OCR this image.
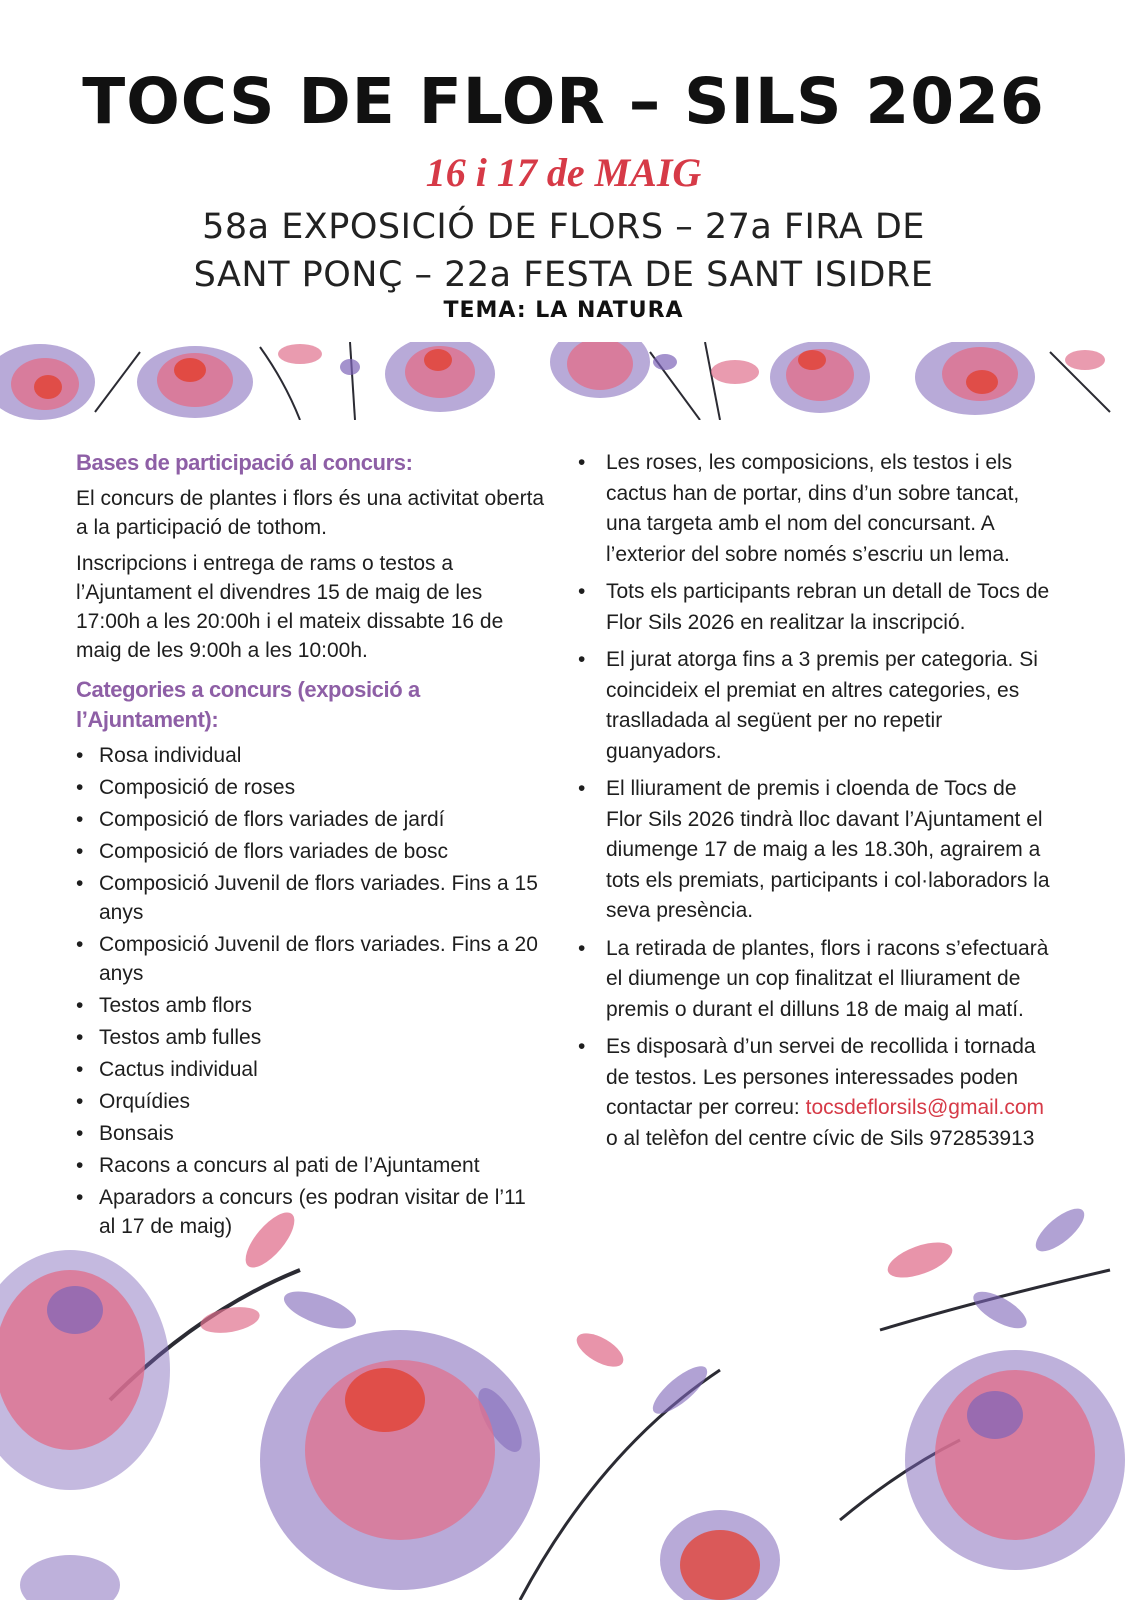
TOCS DE FLOR – SILS 2026
16 i 17 de MAIG
58a EXPOSICIÓ DE FLORS – 27a FIRA DE
SANT PONÇ – 22a FESTA DE SANT ISIDRE
TEMA: LA NATURA
Bases de participació al concurs:

El concurs de plantes i flors és una activitat oberta a la participació de tothom.

Inscripcions i entrega de rams o testos a l’Ajuntament el divendres 15 de maig de les 17:00h a les 20:00h i el mateix dissabte 16 de maig de les 9:00h a les 10:00h.

Categories a concurs (exposició a l’Ajuntament):
• Rosa individual
• Composició de roses
• Composició de flors variades de jardí
• Composició de flors variades de bosc
• Composició Juvenil de flors variades. Fins a 15 anys
• Composició Juvenil de flors variades. Fins a 20 anys
• Testos amb flors
• Testos amb fulles
• Cactus individual
• Orquídies
• Bonsais
• Racons a concurs al pati de l’Ajuntament
• Aparadors a concurs (es podran visitar de l’11 al 17 de maig)
• Les roses, les composicions, els testos i els cactus han de portar, dins d’un sobre tancat, una targeta amb el nom del concursant. A l’exterior del sobre només s’escriu un lema.
• Tots els participants rebran un detall de Tocs de Flor Sils 2026 en realitzar la inscripció.
• El jurat atorga fins a 3 premis per categoria. Si coincideix el premiat en altres categories, es traslladada al següent per no repetir guanyadors.
• El lliurament de premis i cloenda de Tocs de Flor Sils 2026 tindrà lloc davant l’Ajuntament el diumenge 17 de maig a les 18.30h, agrairem a tots els premiats, participants i col·laboradors la seva presència.
• La retirada de plantes, flors i racons s’efectuarà el diumenge un cop finalitzat el lliurament de premis o durant el dilluns 18 de maig al matí.
• Es disposarà d’un servei de recollida i tornada de testos. Les persones interessades poden contactar per correu: tocsdeflorsils@gmail.com o al telèfon del centre cívic de Sils 972853913
